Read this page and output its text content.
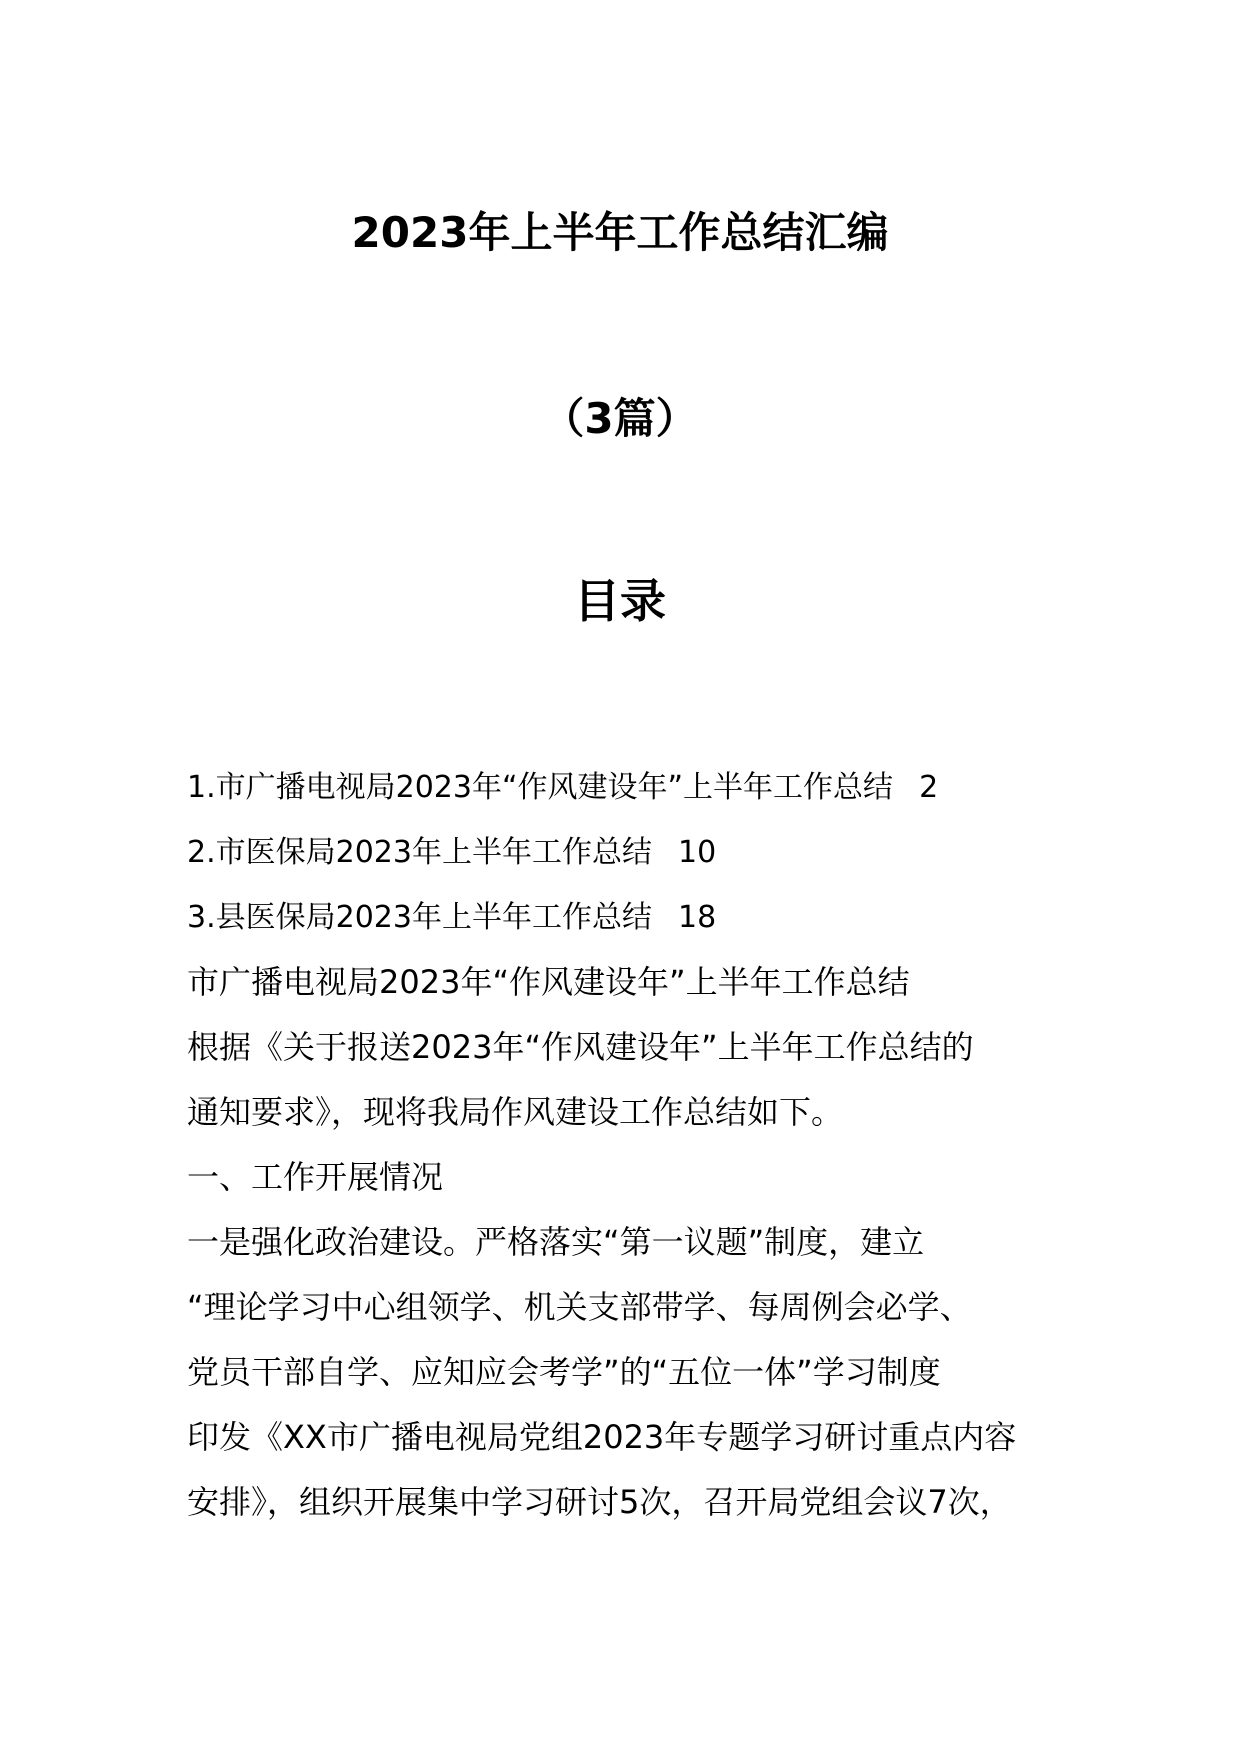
2023年上半年工作总结汇编
（3篇）
目录
1.市广播电视局2023年“作风建设年”上半年工作总结 2
2.市医保局2023年上半年工作总结 10
3.县医保局2023年上半年工作总结 18

市广播电视局2023年“作风建设年”上半年工作总结

根据《关于报送2023年“作风建设年”上半年工作总结的

通知要求》，现将我局作风建设工作总结如下。

一、工作开展情况

一是强化政治建设。严格落实“第一议题”制度，建立

“理论学习中心组领学、机关支部带学、每周例会必学、

党员干部自学、应知应会考学”的“五位一体”学习制度

印发《XX市广播电视局党组2023年专题学习研讨重点内容

安排》，组织开展集中学习研讨5次，召开局党组会议7次，
